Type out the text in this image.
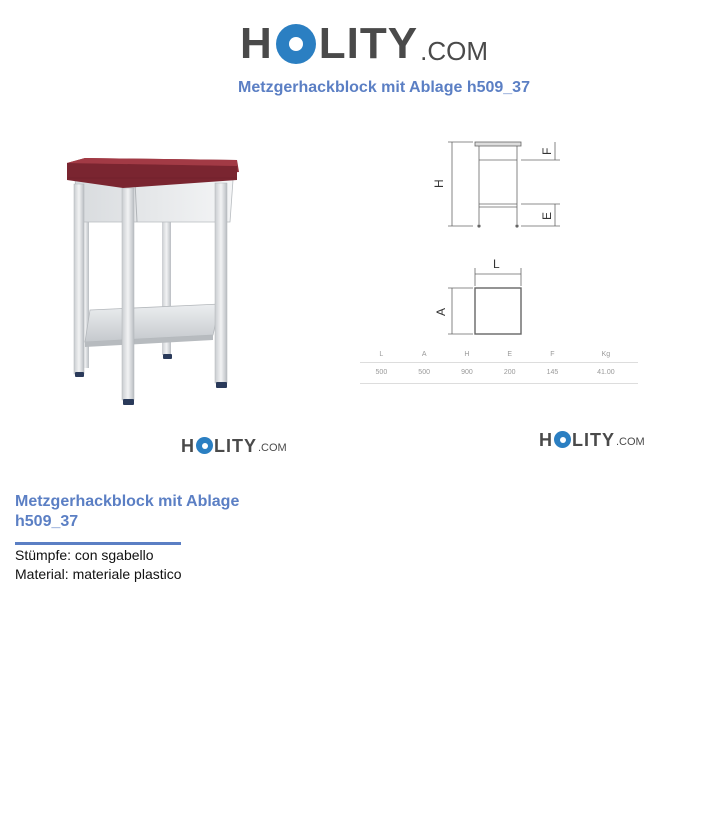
H LITY .COM
Metzgerhackblock mit Ablage h509_37
H
F
E
L
A
L	A	H	E	F	Kg
500	500	900	200	145	41.00
H LITY .COM	H LITY .COM
Metzgerhackblock mit Ablage h509_37
Stümpfe: con sgabello
Material: materiale plastico
